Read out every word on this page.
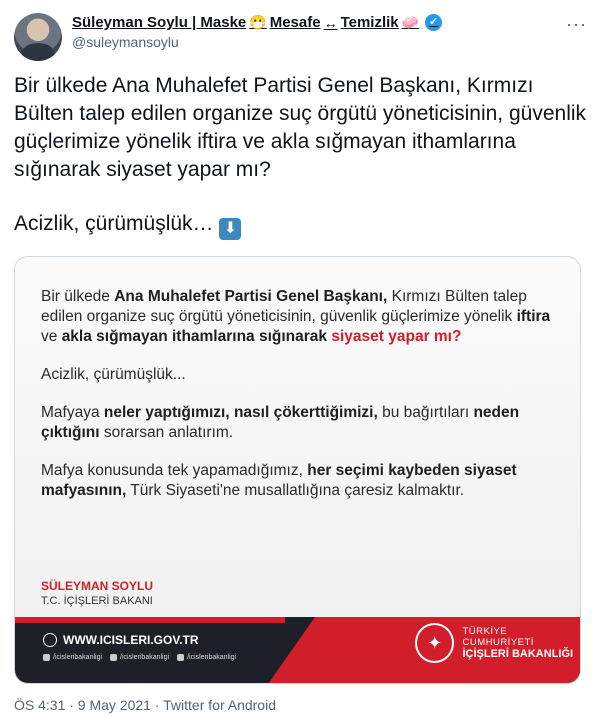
Süleyman Soylu | Maske 😷 Mesafe ↔ Temizlik 🧼 ✓
@suleymansoylu
···

Bir ülkede Ana Muhalefet Partisi Genel Başkanı, Kırmızı Bülten talep edilen organize suç örgütü yöneticisinin, güvenlik güçlerimize yönelik iftira ve akla sığmayan ithamlarına sığınarak siyaset yapar mı?

Acizlik, çürümüşlük… ⬇

Bir ülkede Ana Muhalefet Partisi Genel Başkanı, Kırmızı Bülten talep edilen organize suç örgütü yöneticisinin, güvenlik güçlerimize yönelik iftira ve akla sığmayan ithamlarına sığınarak siyaset yapar mı?

Acizlik, çürümüşlük...

Mafyaya neler yaptığımızı, nasıl çökerttiğimizi, bu bağırtıları neden çıktığını sorarsan anlatırım.

Mafya konusunda tek yapamadığımız, her seçimi kaybeden siyaset mafyasının, Türk Siyaseti'ne musallatlığına çaresiz kalmaktır.

SÜLEYMAN SOYLU
T.C. İÇİŞLERİ BAKANI
WWW.ICISLERI.GOV.TR
/icisleribakanligi	/icisleribakanligi	/icisleribakanligi
✦
TÜRKİYE CUMHURİYETİ
İÇİŞLERİ BAKANLIĞI
ÖS 4:31 · 9 May 2021 · Twitter for Android
